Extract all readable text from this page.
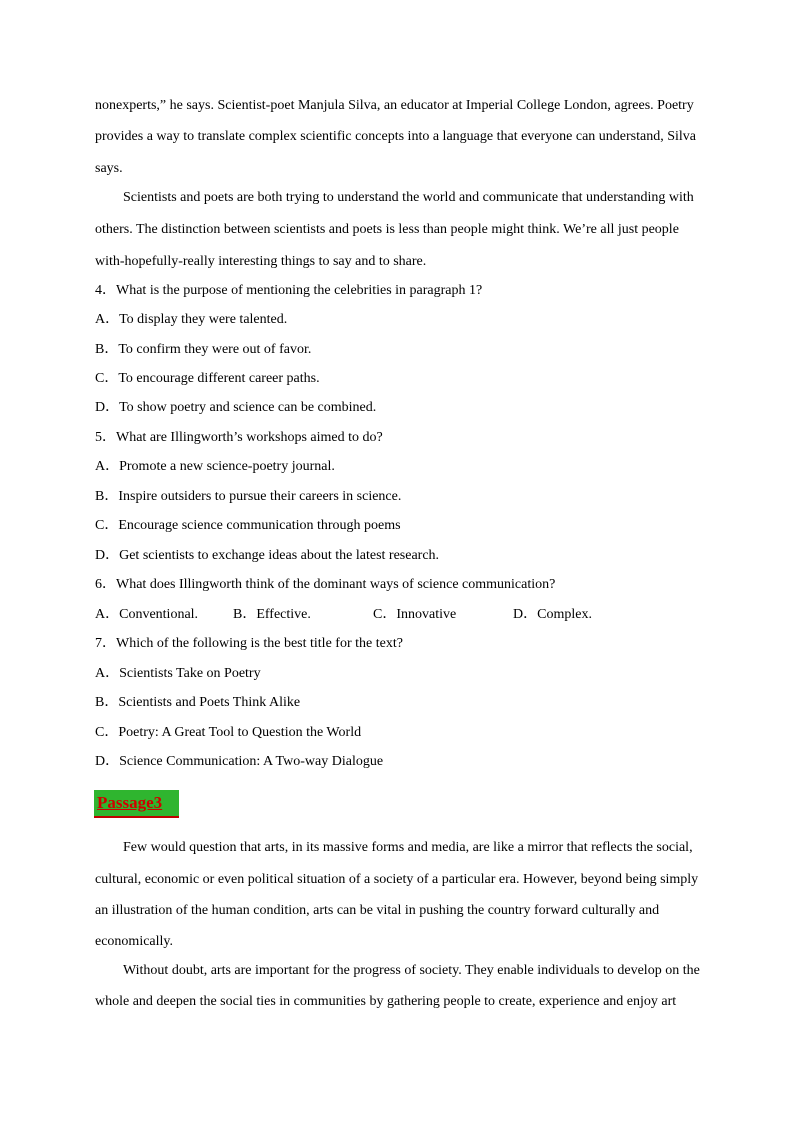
nonexperts,” he says. Scientist-poet Manjula Silva, an educator at Imperial College London, agrees. Poetry
provides a way to translate complex scientific concepts into a language that everyone can understand, Silva
says.
Scientists and poets are both trying to understand the world and communicate that understanding with
others. The distinction between scientists and poets is less than people might think. We’re all just people
with-hopefully-really interesting things to say and to share.
4．What is the purpose of mentioning the celebrities in paragraph 1?
A．To display they were talented.
B．To confirm they were out of favor.
C．To encourage different career paths.
D．To show poetry and science can be combined.
5．What are Illingworth’s workshops aimed to do?
A．Promote a new science-poetry journal.
B．Inspire outsiders to pursue their careers in science.
C．Encourage science communication through poems
D．Get scientists to exchange ideas about the latest research.
6．What does Illingworth think of the dominant ways of science communication?
A．Conventional. B．Effective.	C．Innovative	D．Complex.
7．Which of the following is the best title for the text?
A．Scientists Take on Poetry
B．Scientists and Poets Think Alike
C．Poetry: A Great Tool to Question the World
D．Science Communication: A Two-way Dialogue
Passage3
Few would question that arts, in its massive forms and media, are like a mirror that reflects the social,
cultural, economic or even political situation of a society of a particular era. However, beyond being simply
an illustration of the human condition, arts can be vital in pushing the country forward culturally and
economically.
Without doubt, arts are important for the progress of society. They enable individuals to develop on the
whole and deepen the social ties in communities by gathering people to create, experience and enjoy art
